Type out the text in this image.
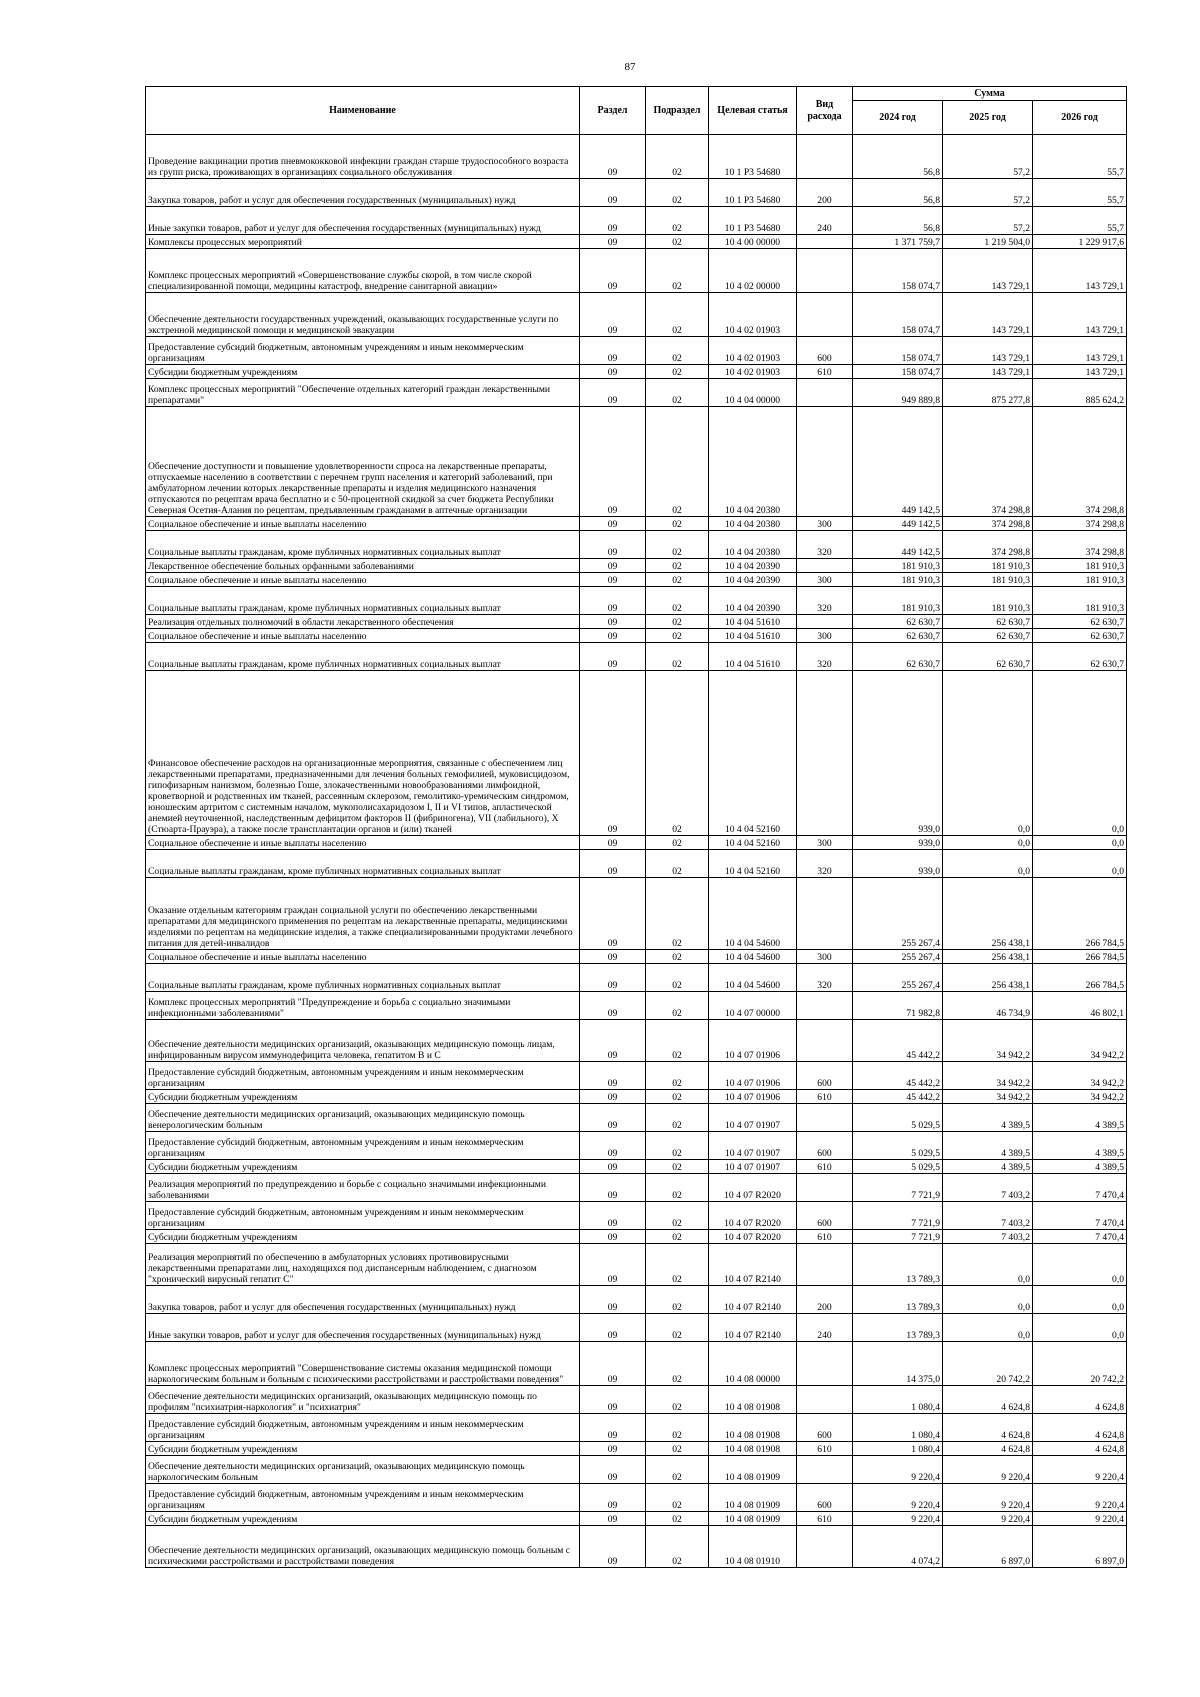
87
Наименование	Раздел	Подраздел	Целевая статья	Вид расхода	Сумма		
					2024 год	2025 год	2026 год
Проведение вакцинации против пневмококковой инфекции граждан старше трудоспособного возраста из групп риска, проживающих в организациях социального обслуживания	09	02	10 1 Р3 54680		56,8	57,2	55,7
Закупка товаров, работ и услуг для обеспечения государственных (муниципальных) нужд	09	02	10 1 Р3 54680	200	56,8	57,2	55,7
Иные закупки товаров, работ и услуг для обеспечения государственных (муниципальных) нужд	09	02	10 1 Р3 54680	240	56,8	57,2	55,7
Комплексы процессных мероприятий	09	02	10 4 00 00000		1 371 759,7	1 219 504,0	1 229 917,6
Комплекс процессных мероприятий «Совершенствование службы скорой, в том числе скорой специализированной помощи, медицины катастроф, внедрение санитарной авиации»	09	02	10 4 02 00000		158 074,7	143 729,1	143 729,1
Обеспечение деятельности государственных учреждений, оказывающих государственные услуги по экстренной медицинской помощи и медицинской эвакуации	09	02	10 4 02 01903		158 074,7	143 729,1	143 729,1
Предоставление субсидий бюджетным, автономным учреждениям и иным некоммерческим организациям	09	02	10 4 02 01903	600	158 074,7	143 729,1	143 729,1
Субсидии бюджетным учреждениям	09	02	10 4 02 01903	610	158 074,7	143 729,1	143 729,1
Комплекс процессных мероприятий "Обеспечение отдельных категорий граждан лекарственными препаратами"	09	02	10 4 04 00000		949 889,8	875 277,8	885 624,2
Обеспечение доступности и повышение удовлетворенности спроса на лекарственные препараты, отпускаемые населению в соответствии с перечнем групп населения и категорий заболеваний, при амбулаторном лечении которых лекарственные препараты и изделия медицинского назначения отпускаются по рецептам врача бесплатно и с 50-процентной скидкой за счет бюджета Республики Северная Осетия-Алания по рецептам, предъявленным гражданами в аптечные организации	09	02	10 4 04 20380		449 142,5	374 298,8	374 298,8
Социальное обеспечение и иные выплаты населению	09	02	10 4 04 20380	300	449 142,5	374 298,8	374 298,8
Социальные выплаты гражданам, кроме публичных нормативных социальных выплат	09	02	10 4 04 20380	320	449 142,5	374 298,8	374 298,8
Лекарственное обеспечение больных орфанными заболеваниями	09	02	10 4 04 20390		181 910,3	181 910,3	181 910,3
Социальное обеспечение и иные выплаты населению	09	02	10 4 04 20390	300	181 910,3	181 910,3	181 910,3
Социальные выплаты гражданам, кроме публичных нормативных социальных выплат	09	02	10 4 04 20390	320	181 910,3	181 910,3	181 910,3
Реализация отдельных полномочий в области лекарственного обеспечения	09	02	10 4 04 51610		62 630,7	62 630,7	62 630,7
Социальное обеспечение и иные выплаты населению	09	02	10 4 04 51610	300	62 630,7	62 630,7	62 630,7
Социальные выплаты гражданам, кроме публичных нормативных социальных выплат	09	02	10 4 04 51610	320	62 630,7	62 630,7	62 630,7
Финансовое обеспечение расходов на организационные мероприятия, связанные с обеспечением лиц лекарственными препаратами, предназначенными для лечения больных гемофилией, муковисцидозом, гипофизарным нанизмом, болезнью Гоше, злокачественными новообразованиями лимфоидной, кроветворной и родственных им тканей, рассеянным склерозом, гемолитико-уремическим синдромом, юношеским артритом с системным началом, мукополисахаридозом I, II и VI типов, апластической анемией неуточненной, наследственным дефицитом факторов II (фибриногена), VII (лабильного), X (Стюарта-Прауэра), а также после трансплантации органов и (или) тканей	09	02	10 4 04 52160		939,0	0,0	0,0
Социальное обеспечение и иные выплаты населению	09	02	10 4 04 52160	300	939,0	0,0	0,0
Социальные выплаты гражданам, кроме публичных нормативных социальных выплат	09	02	10 4 04 52160	320	939,0	0,0	0,0
Оказание отдельным категориям граждан социальной услуги по обеспечению лекарственными препаратами для медицинского применения по рецептам на лекарственные препараты, медицинскими изделиями по рецептам на медицинские изделия, а также специализированными продуктами лечебного питания для детей-инвалидов	09	02	10 4 04 54600		255 267,4	256 438,1	266 784,5
Социальное обеспечение и иные выплаты населению	09	02	10 4 04 54600	300	255 267,4	256 438,1	266 784,5
Социальные выплаты гражданам, кроме публичных нормативных социальных выплат	09	02	10 4 04 54600	320	255 267,4	256 438,1	266 784,5
Комплекс процессных мероприятий "Предупреждение и борьба с социально значимыми инфекционными заболеваниями"	09	02	10 4 07 00000		71 982,8	46 734,9	46 802,1
Обеспечение деятельности медицинских организаций, оказывающих медицинскую помощь лицам, инфицированным вирусом иммунодефицита человека, гепатитом В и С	09	02	10 4 07 01906		45 442,2	34 942,2	34 942,2
Предоставление субсидий бюджетным, автономным учреждениям и иным некоммерческим организациям	09	02	10 4 07 01906	600	45 442,2	34 942,2	34 942,2
Субсидии бюджетным учреждениям	09	02	10 4 07 01906	610	45 442,2	34 942,2	34 942,2
Обеспечение деятельности медицинских организаций, оказывающих медицинскую помощь венерологическим больным	09	02	10 4 07 01907		5 029,5	4 389,5	4 389,5
Предоставление субсидий бюджетным, автономным учреждениям и иным некоммерческим организациям	09	02	10 4 07 01907	600	5 029,5	4 389,5	4 389,5
Субсидии бюджетным учреждениям	09	02	10 4 07 01907	610	5 029,5	4 389,5	4 389,5
Реализация мероприятий по предупреждению и борьбе с социально значимыми инфекционными заболеваниями	09	02	10 4 07 R2020		7 721,9	7 403,2	7 470,4
Предоставление субсидий бюджетным, автономным учреждениям и иным некоммерческим организациям	09	02	10 4 07 R2020	600	7 721,9	7 403,2	7 470,4
Субсидии бюджетным учреждениям	09	02	10 4 07 R2020	610	7 721,9	7 403,2	7 470,4
Реализация мероприятий по обеспечению в амбулаторных условиях противовирусными лекарственными препаратами лиц, находящихся под диспансерным наблюдением, с диагнозом "хронический вирусный гепатит С"	09	02	10 4 07 R2140		13 789,3	0,0	0,0
Закупка товаров, работ и услуг для обеспечения государственных (муниципальных) нужд	09	02	10 4 07 R2140	200	13 789,3	0,0	0,0
Иные закупки товаров, работ и услуг для обеспечения государственных (муниципальных) нужд	09	02	10 4 07 R2140	240	13 789,3	0,0	0,0
Комплекс процессных мероприятий "Совершенствование системы оказания медицинской помощи наркологическим больным и больным с психическими расстройствами и расстройствами поведения"	09	02	10 4 08 00000		14 375,0	20 742,2	20 742,2
Обеспечение деятельности медицинских организаций, оказывающих медицинскую помощь по профилям "психиатрия-наркология" и "психиатрия"	09	02	10 4 08 01908		1 080,4	4 624,8	4 624,8
Предоставление субсидий бюджетным, автономным учреждениям и иным некоммерческим организациям	09	02	10 4 08 01908	600	1 080,4	4 624,8	4 624,8
Субсидии бюджетным учреждениям	09	02	10 4 08 01908	610	1 080,4	4 624,8	4 624,8
Обеспечение деятельности медицинских организаций, оказывающих медицинскую помощь наркологическим больным	09	02	10 4 08 01909		9 220,4	9 220,4	9 220,4
Предоставление субсидий бюджетным, автономным учреждениям и иным некоммерческим организациям	09	02	10 4 08 01909	600	9 220,4	9 220,4	9 220,4
Субсидии бюджетным учреждениям	09	02	10 4 08 01909	610	9 220,4	9 220,4	9 220,4
Обеспечение деятельности медицинских организаций, оказывающих медицинскую помощь больным с психическими расстройствами и расстройствами поведения	09	02	10 4 08 01910		4 074,2	6 897,0	6 897,0
